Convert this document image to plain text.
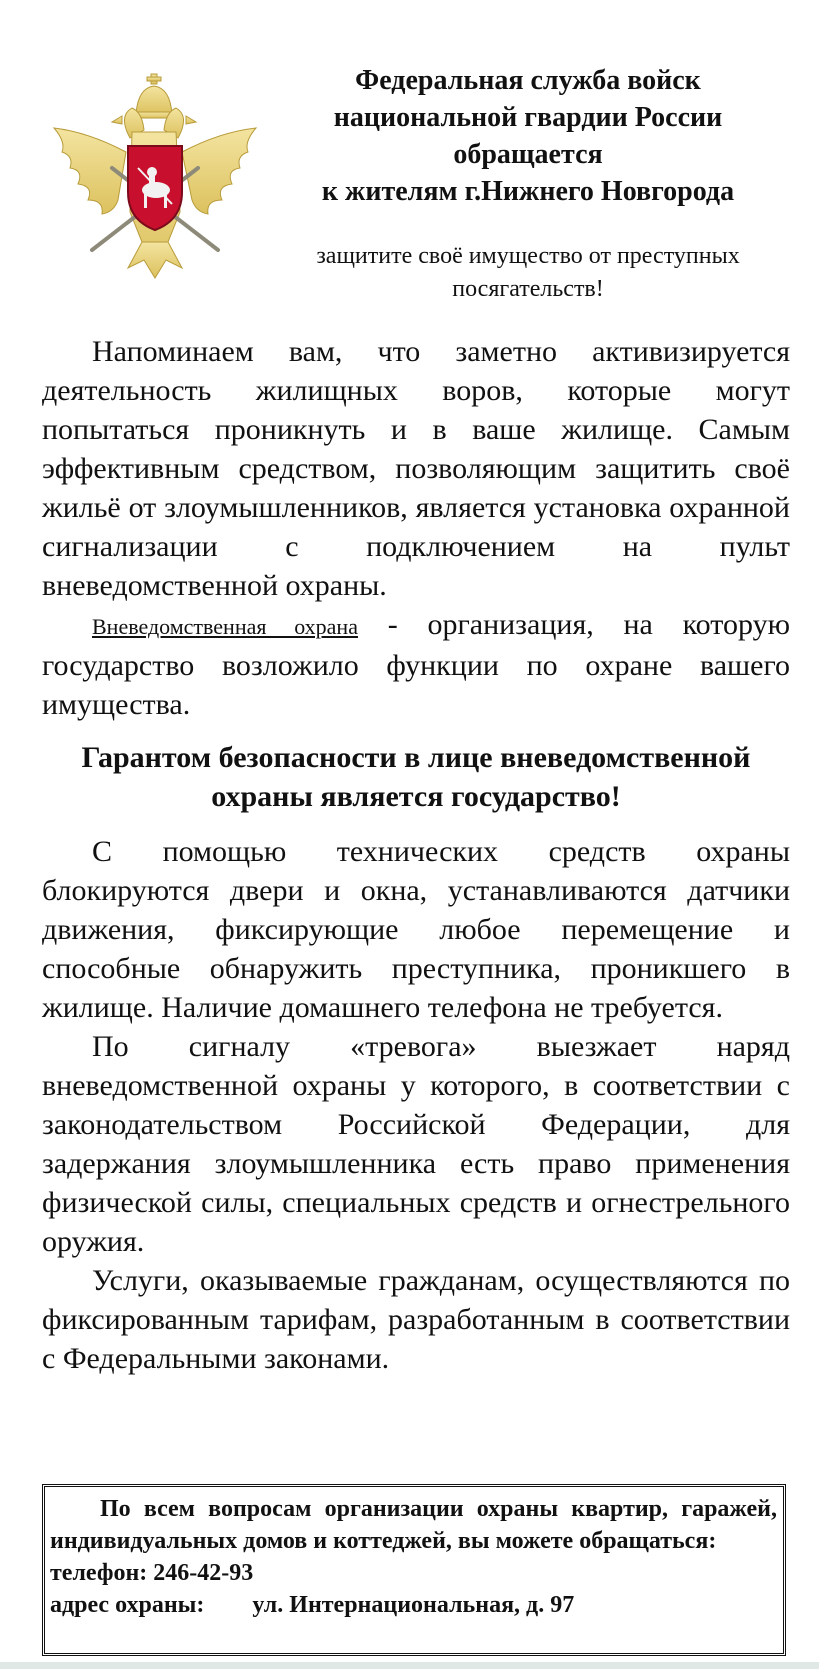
Федеральная служба войск
национальной гвардии России
обращается
к жителям г.Нижнего Новгорода
защитите своё имущество от преступных
посягательств!

Напоминаем вам, что заметно активизируется деятельность жилищных воров, которые могут попытаться проникнуть и в ваше жилище. Самым эффективным средством, позволяющим защитить своё жильё от злоумышленников, является установка охранной сигнализации с подключением на пульт вневедомственной охраны.

Вневедомственная охрана - организация, на которую государство возложило функции по охране вашего имущества.

Гарантом безопасности в лице вневедомственной
охраны является государство!

С помощью технических средств охраны блокируются двери и окна, устанавливаются датчики движения, фиксирующие любое перемещение и способные обнаружить преступника, проникшего в жилище. Наличие домашнего телефона не требуется.

По сигналу «тревога» выезжает наряд вневедомственной охраны у которого, в соответствии с законодательством Российской Федерации, для задержания злоумышленника есть право применения физической силы, специальных средств и огнестрельного оружия.

Услуги, оказываемые гражданам, осуществляются по фиксированным тарифам, разработанным в соответствии с Федеральными законами.

По всем вопросам организации охраны квартир, гаражей, индивидуальных домов и коттеджей, вы можете обращаться:

телефон: 246-42-93

адрес охраны: ул. Интернациональная, д. 97
